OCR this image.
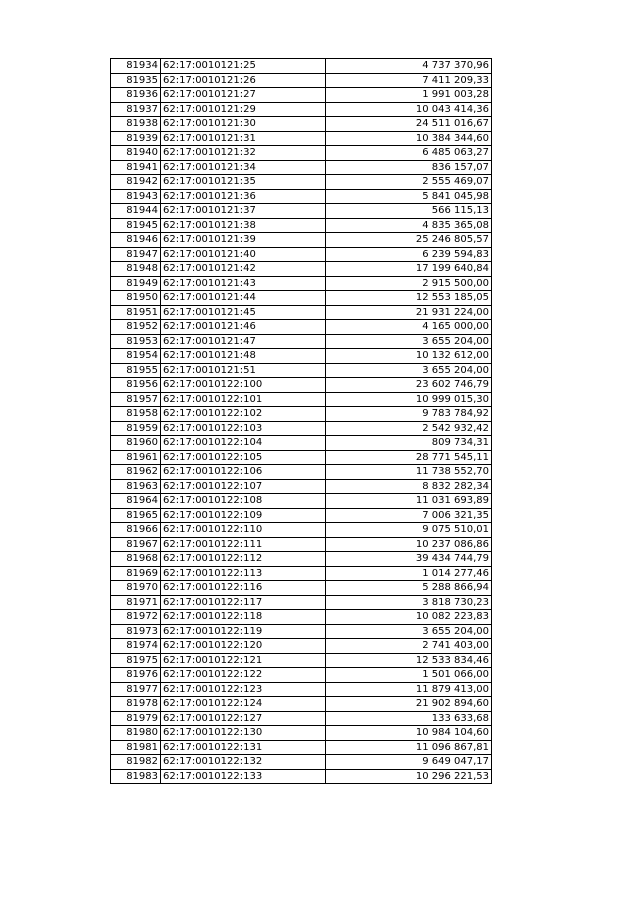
81934	62:17:0010121:25	4 737 370,96
81935	62:17:0010121:26	7 411 209,33
81936	62:17:0010121:27	1 991 003,28
81937	62:17:0010121:29	10 043 414,36
81938	62:17:0010121:30	24 511 016,67
81939	62:17:0010121:31	10 384 344,60
81940	62:17:0010121:32	6 485 063,27
81941	62:17:0010121:34	836 157,07
81942	62:17:0010121:35	2 555 469,07
81943	62:17:0010121:36	5 841 045,98
81944	62:17:0010121:37	566 115,13
81945	62:17:0010121:38	4 835 365,08
81946	62:17:0010121:39	25 246 805,57
81947	62:17:0010121:40	6 239 594,83
81948	62:17:0010121:42	17 199 640,84
81949	62:17:0010121:43	2 915 500,00
81950	62:17:0010121:44	12 553 185,05
81951	62:17:0010121:45	21 931 224,00
81952	62:17:0010121:46	4 165 000,00
81953	62:17:0010121:47	3 655 204,00
81954	62:17:0010121:48	10 132 612,00
81955	62:17:0010121:51	3 655 204,00
81956	62:17:0010122:100	23 602 746,79
81957	62:17:0010122:101	10 999 015,30
81958	62:17:0010122:102	9 783 784,92
81959	62:17:0010122:103	2 542 932,42
81960	62:17:0010122:104	809 734,31
81961	62:17:0010122:105	28 771 545,11
81962	62:17:0010122:106	11 738 552,70
81963	62:17:0010122:107	8 832 282,34
81964	62:17:0010122:108	11 031 693,89
81965	62:17:0010122:109	7 006 321,35
81966	62:17:0010122:110	9 075 510,01
81967	62:17:0010122:111	10 237 086,86
81968	62:17:0010122:112	39 434 744,79
81969	62:17:0010122:113	1 014 277,46
81970	62:17:0010122:116	5 288 866,94
81971	62:17:0010122:117	3 818 730,23
81972	62:17:0010122:118	10 082 223,83
81973	62:17:0010122:119	3 655 204,00
81974	62:17:0010122:120	2 741 403,00
81975	62:17:0010122:121	12 533 834,46
81976	62:17:0010122:122	1 501 066,00
81977	62:17:0010122:123	11 879 413,00
81978	62:17:0010122:124	21 902 894,60
81979	62:17:0010122:127	133 633,68
81980	62:17:0010122:130	10 984 104,60
81981	62:17:0010122:131	11 096 867,81
81982	62:17:0010122:132	9 649 047,17
81983	62:17:0010122:133	10 296 221,53
